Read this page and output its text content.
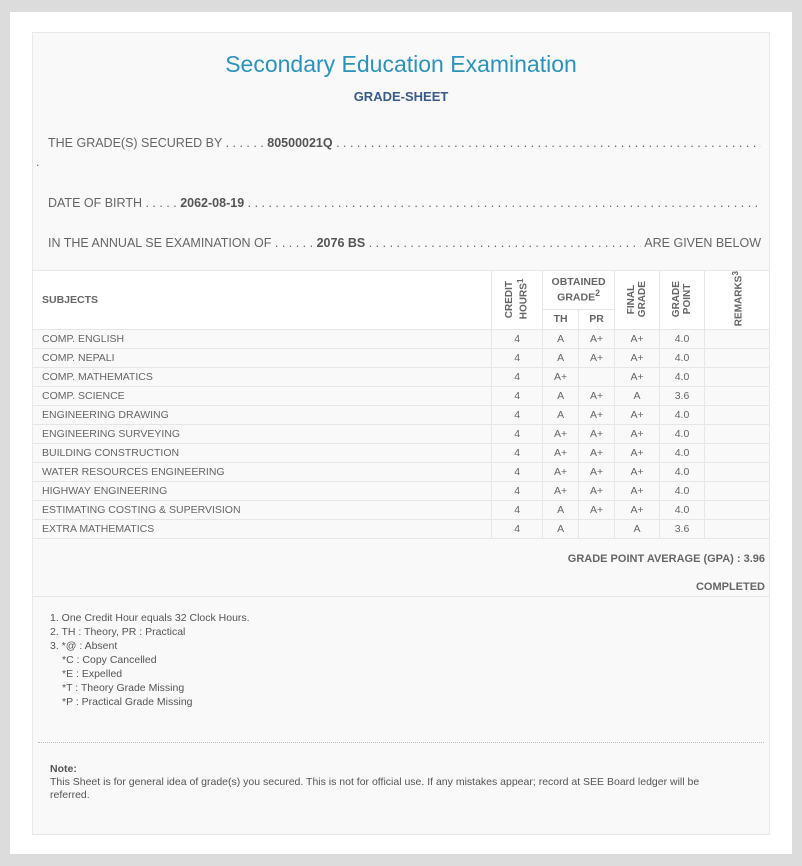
Secondary Education Examination
GRADE-SHEET
THE GRADE(S) SECURED BY . . . . . .
80500021Q

. . .
.
DATE OF BIRTH . . . . .
2062-08-19

. . .
IN THE ANNUAL SE EXAMINATION OF . . . . . .
2076 BS
. . .
	ARE GIVEN BELOW
SUBJECTS	CREDIT HOURS$^1$	OBTAINED GRADE$^2$		FINAL GRADE	GRADE POINT	REMARKS$^3$
		TH	PR			
COMP. ENGLISH	4	A	A+	A+	4.0	
COMP. NEPALI	4	A	A+	A+	4.0	
COMP. MATHEMATICS	4	A+		A+	4.0	
COMP. SCIENCE	4	A	A+	A	3.6	
ENGINEERING DRAWING	4	A	A+	A+	4.0	
ENGINEERING SURVEYING	4	A+	A+	A+	4.0	
BUILDING CONSTRUCTION	4	A+	A+	A+	4.0	
WATER RESOURCES ENGINEERING	4	A+	A+	A+	4.0	
HIGHWAY ENGINEERING	4	A+	A+	A+	4.0	
ESTIMATING COSTING & SUPERVISION	4	A	A+	A+	4.0	
EXTRA MATHEMATICS	4	A		A	3.6	
GRADE POINT AVERAGE (GPA) : 3.96
COMPLETED
1. One Credit Hour equals 32 Clock Hours.
2. TH : Theory, PR : Practical
3. *@ : Absent
*C : Copy Cancelled
*E : Expelled
*T : Theory Grade Missing
*P : Practical Grade Missing
Note:
This Sheet is for general idea of grade(s) you secured. This is not for official use. If any mistakes appear; record at SEE Board ledger will be referred.
